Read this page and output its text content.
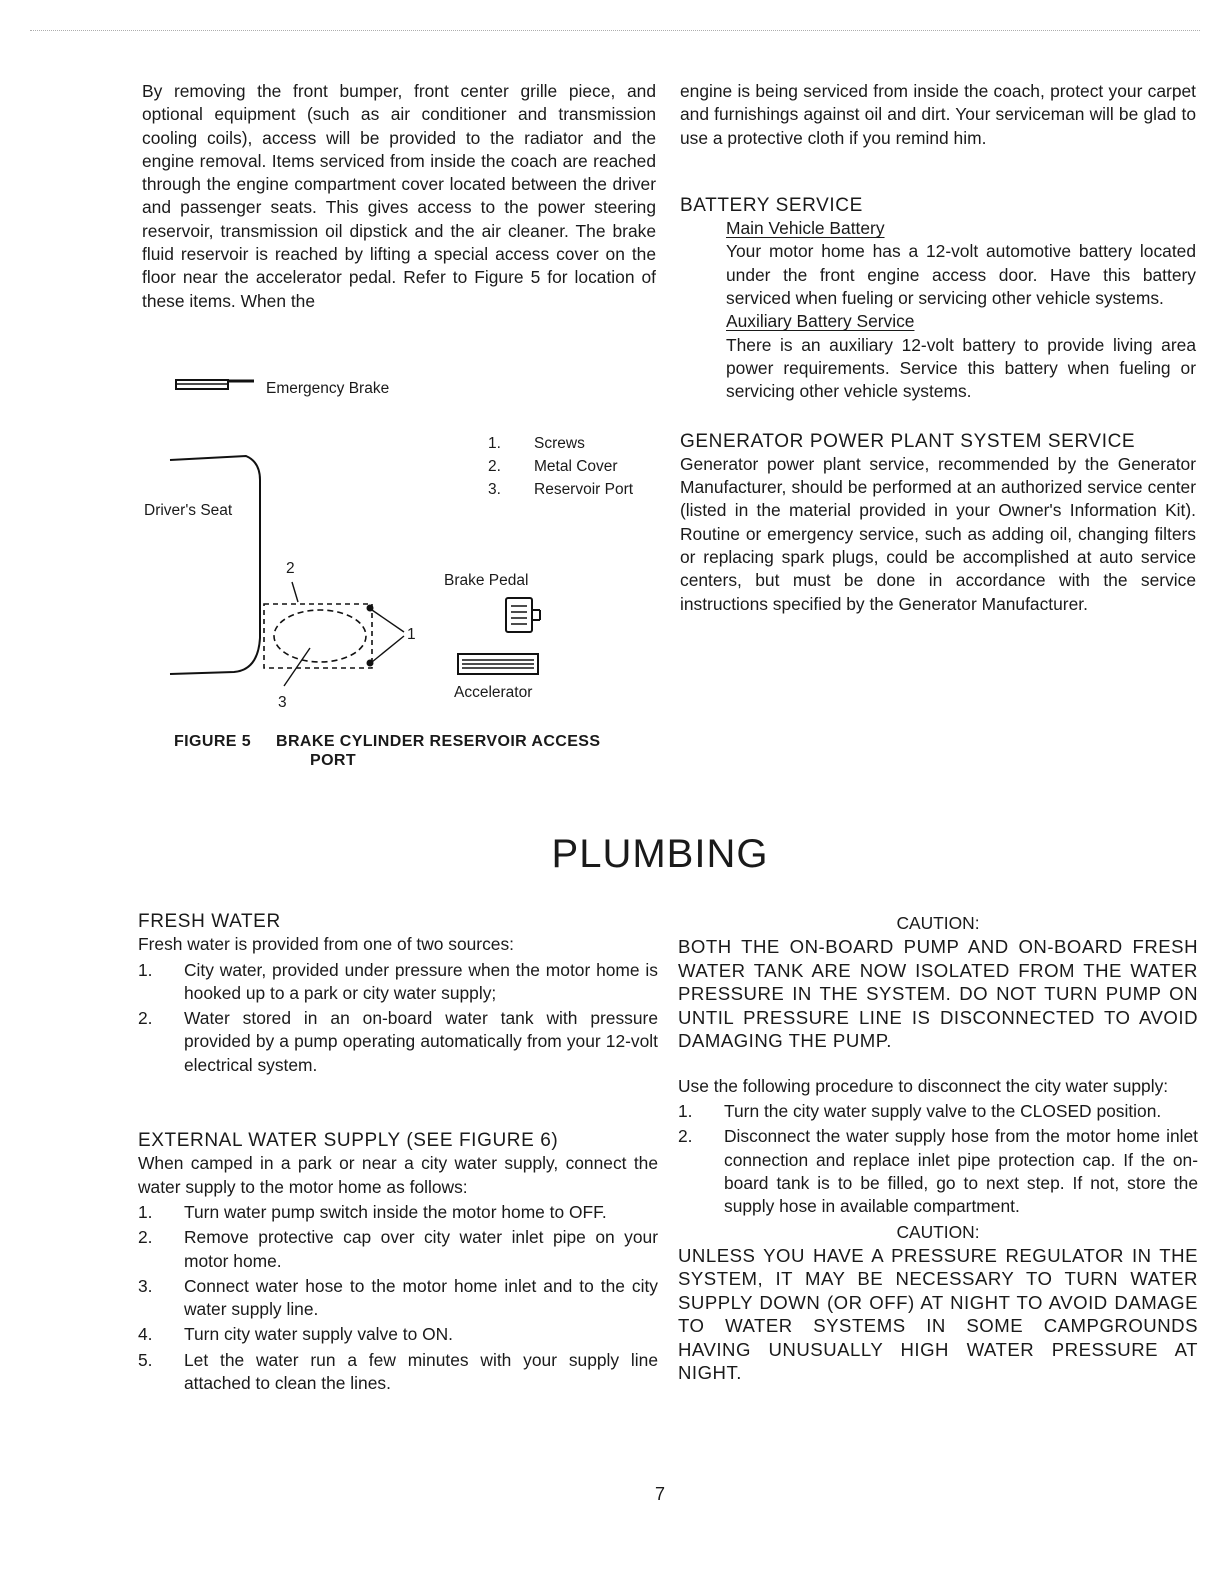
By removing the front bumper, front center grille piece, and optional equipment (such as air conditioner and transmission cooling coils), access will be provided to the radiator and the engine removal. Items serviced from inside the coach are reached through the engine compartment cover located between the driver and passenger seats. This gives access to the power steering reservoir, transmission oil dipstick and the air cleaner. The brake fluid reservoir is reached by lifting a special access cover on the floor near the accelerator pedal. Refer to Figure 5 for location of these items. When the

engine is being serviced from inside the coach, protect your carpet and furnishings against oil and dirt. Your serviceman will be glad to use a protective cloth if you remind him.

BATTERY SERVICE
Main Vehicle Battery

Your motor home has a 12-volt automotive battery located under the front engine access door. Have this battery serviced when fueling or servicing other vehicle systems.

Auxiliary Battery Service

There is an auxiliary 12-volt battery to provide living area power requirements. Service this battery when fueling or servicing other vehicle systems.

GENERATOR POWER PLANT SYSTEM SERVICE

Generator power plant service, recommended by the Generator Manufacturer, should be performed at an authorized service center (listed in the material provided in your Owner's Information Kit). Routine or emergency service, such as adding oil, changing filters or replacing spark plugs, could be accomplished at auto service centers, but must be done in accordance with the service instructions specified by the Generator Manufacturer.

Emergency Brake
Driver's Seat
Brake Pedal
Accelerator
2
1
3
1. Screws
2. Metal Cover
3. Reservoir Port
FIGURE 5 BRAKE CYLINDER RESERVOIR ACCESS
PORT
PLUMBING
FRESH WATER

Fresh water is provided from one of two sources:

1.	City water, provided under pressure when the motor home is hooked up to a park or city water supply;
2.	Water stored in an on-board water tank with pressure provided by a pump operating automatically from your 12-volt electrical system.
EXTERNAL WATER SUPPLY (SEE FIGURE 6)

When camped in a park or near a city water supply, connect the water supply to the motor home as follows:

1.	Turn water pump switch inside the motor home to OFF.
2.	Remove protective cap over city water inlet pipe on your motor home.
3.	Connect water hose to the motor home inlet and to the city water supply line.
4.	Turn city water supply valve to ON.
5.	Let the water run a few minutes with your supply line attached to clean the lines.
CAUTION:

BOTH THE ON-BOARD PUMP AND ON-BOARD FRESH WATER TANK ARE NOW ISOLATED FROM THE WATER PRESSURE IN THE SYSTEM. DO NOT TURN PUMP ON UNTIL PRESSURE LINE IS DISCONNECTED TO AVOID DAMAGING THE PUMP.

Use the following procedure to disconnect the city water supply:

1.	Turn the city water supply valve to the CLOSED position.
2.	Disconnect the water supply hose from the motor home inlet connection and replace inlet pipe protection cap. If the on-board tank is to be filled, go to next step. If not, store the supply hose in available compartment.
CAUTION:

UNLESS YOU HAVE A PRESSURE REGULATOR IN THE SYSTEM, IT MAY BE NECESSARY TO TURN WATER SUPPLY DOWN (OR OFF) AT NIGHT TO AVOID DAMAGE TO WATER SYSTEMS IN SOME CAMPGROUNDS HAVING UNUSUALLY HIGH WATER PRESSURE AT NIGHT.

7
